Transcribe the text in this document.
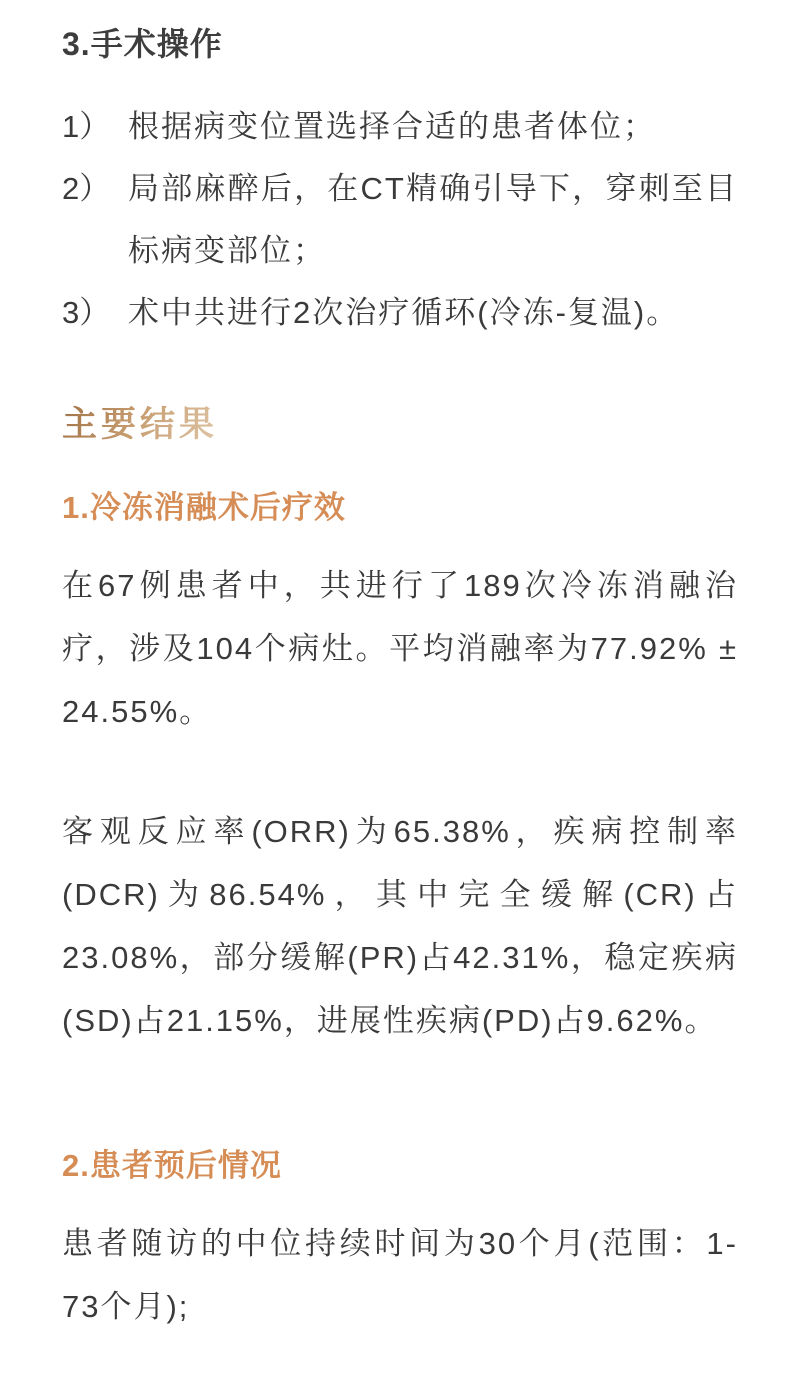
3.手术操作
1） 根据病变位置选择合适的患者体位；
2） 局部麻醉后，在CT精确引导下，穿刺至目标病变部位；
3） 术中共进行2次治疗循环(冷冻-复温)。
主要结果
1.冷冻消融术后疗效

在67例患者中，共进行了189次冷冻消融治疗，涉及104个病灶。平均消融率为77.92% ± 24.55%。

客观反应率(ORR)为65.38%，疾病控制率(DCR)为86.54%，其中完全缓解(CR)占23.08%，部分缓解(PR)占42.31%，稳定疾病(SD)占21.15%，进展性疾病(PD)占9.62%。

2.患者预后情况

患者随访的中位持续时间为30个月(范围：1-73个月);
